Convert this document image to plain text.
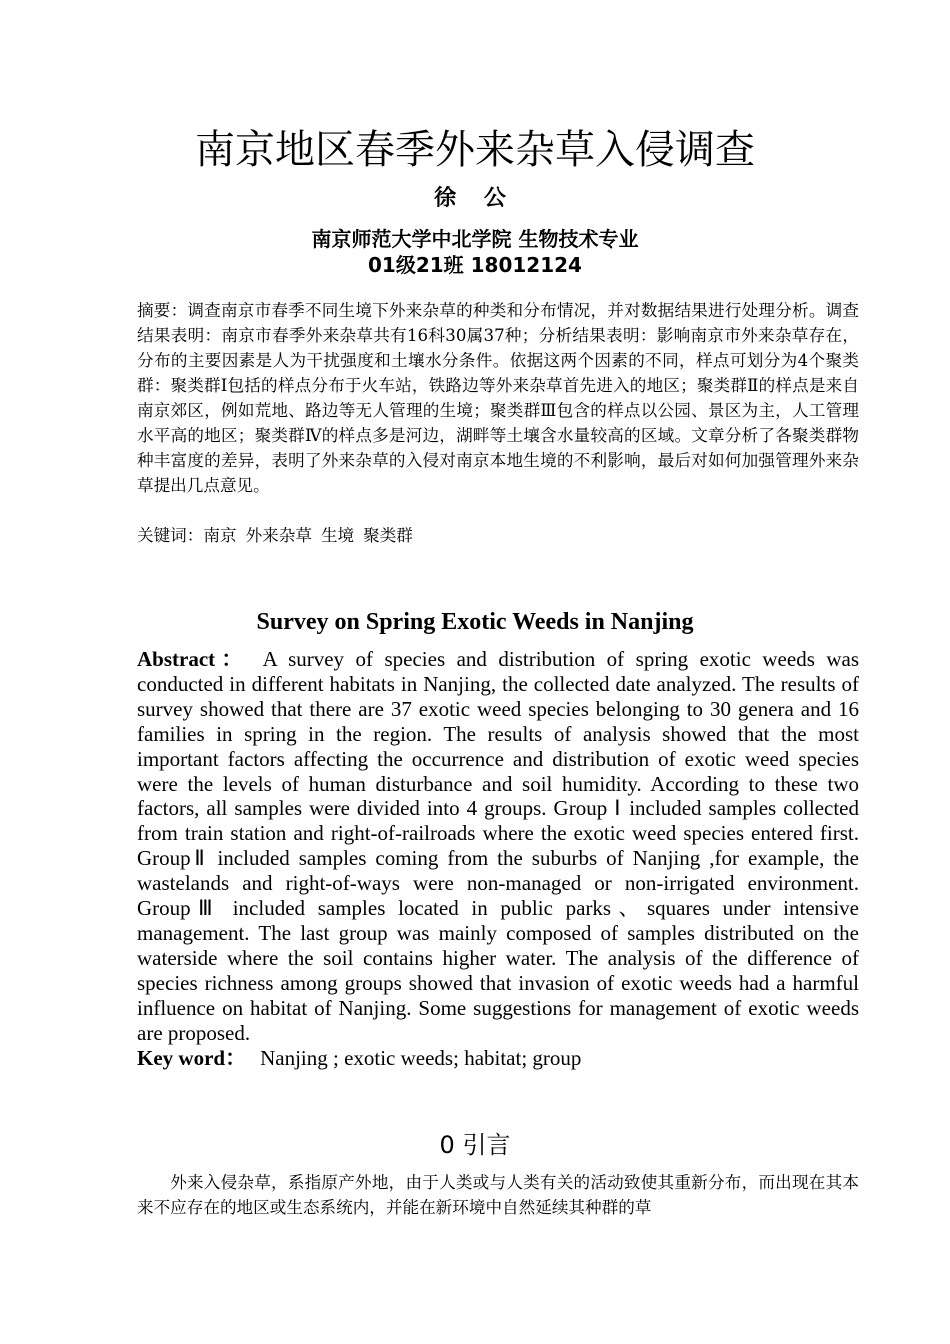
南京地区春季外来杂草入侵调查
徐 公
南京师范大学中北学院 生物技术专业
01级21班 18012124
摘要：调查南京市春季不同生境下外来杂草的种类和分布情况，并对数据结果进行处理分析。调查结果表明：南京市春季外来杂草共有16科30属37种；分析结果表明：影响南京市外来杂草存在，分布的主要因素是人为干扰强度和土壤水分条件。依据这两个因素的不同，样点可划分为4个聚类群：聚类群Ⅰ包括的样点分布于火车站，铁路边等外来杂草首先进入的地区；聚类群Ⅱ的样点是来自南京郊区，例如荒地、路边等无人管理的生境；聚类群Ⅲ包含的样点以公园、景区为主，人工管理水平高的地区；聚类群Ⅳ的样点多是河边，湖畔等土壤含水量较高的区域。文章分析了各聚类群物种丰富度的差异，表明了外来杂草的入侵对南京本地生境的不利影响，最后对如何加强管理外来杂草提出几点意见。
关键词：南京 外来杂草 生境 聚类群
Survey on Spring Exotic Weeds in Nanjing
Abstract： A survey of species and distribution of spring exotic weeds was conducted in different habitats in Nanjing, the collected date analyzed. The results of survey showed that there are 37 exotic weed species belonging to 30 genera and 16 families in spring in the region. The results of analysis showed that the most important factors affecting the occurrence and distribution of exotic weed species were the levels of human disturbance and soil humidity. According to these two factors, all samples were divided into 4 groups. Group Ⅰ included samples collected from train station and right-of-railroads where the exotic weed species entered first. GroupⅡ included samples coming from the suburbs of Nanjing ,for example, the wastelands and right-of-ways were non-managed or non-irrigated environment. GroupⅢ included samples located in public parks、squares under intensive management. The last group was mainly composed of samples distributed on the waterside where the soil contains higher water. The analysis of the difference of species richness among groups showed that invasion of exotic weeds had a harmful influence on habitat of Nanjing. Some suggestions for management of exotic weeds are proposed.
Key word： Nanjing ; exotic weeds; habitat; group
0 引言
外来入侵杂草，系指原产外地，由于人类或与人类有关的活动致使其重新分布，而出现在其本来不应存在的地区或生态系统内，并能在新环境中自然延续其种群的草
